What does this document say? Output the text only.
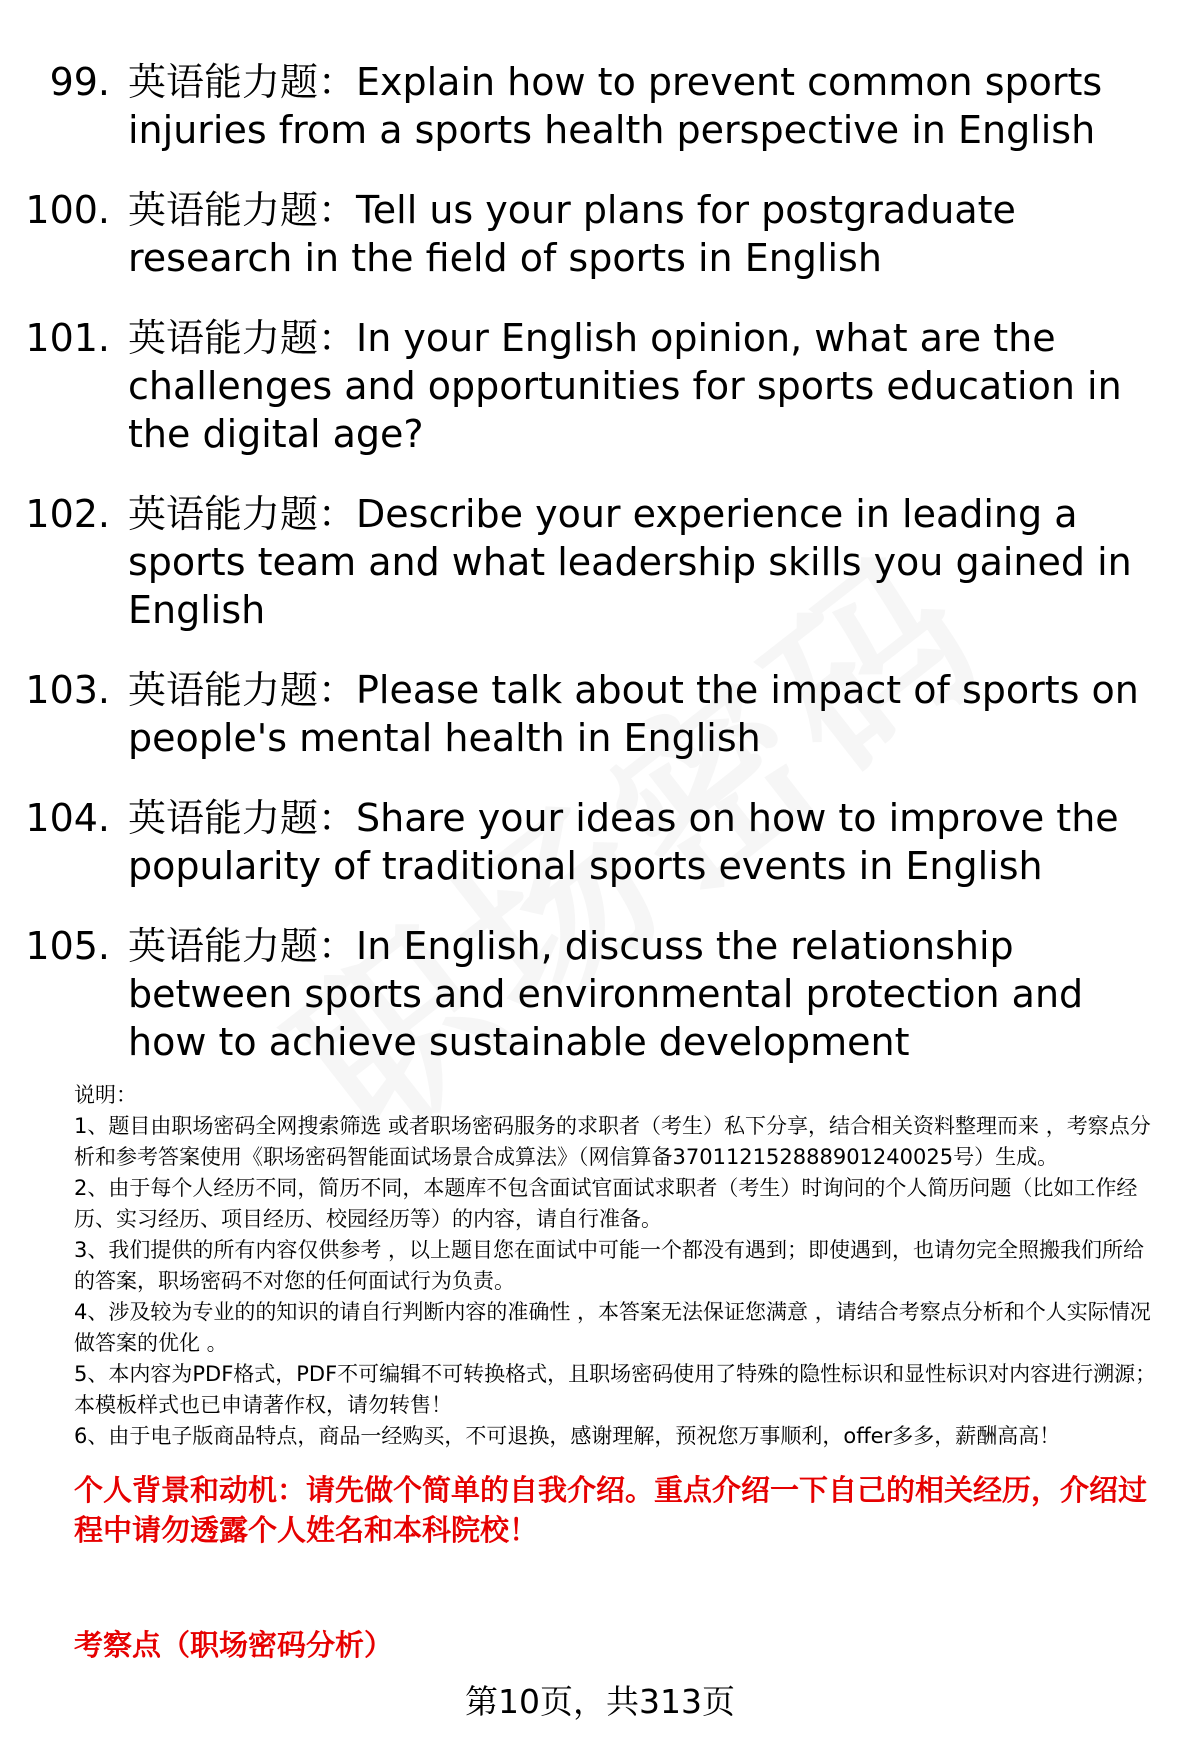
99. 英语能力题：Explain how to prevent common sports injuries from a sports health perspective in English
100. 英语能力题：Tell us your plans for postgraduate research in the field of sports in English
101. 英语能力题：In your English opinion, what are the challenges and opportunities for sports education in the digital age?
102. 英语能力题：Describe your experience in leading a sports team and what leadership skills you gained in English
103. 英语能力题：Please talk about the impact of sports on people's mental health in English
104. 英语能力题：Share your ideas on how to improve the popularity of traditional sports events in English
105. 英语能力题：In English, discuss the relationship between sports and environmental protection and how to achieve sustainable development

说明：

1、题目由职场密码全网搜索筛选 或者职场密码服务的求职者（考生）私下分享，结合相关资料整理而来 ，考察点分析和参考答案使用《职场密码智能面试场景合成算法》（网信算备370112152888901240025号）生成。

2、由于每个人经历不同，简历不同，本题库不包含面试官面试求职者（考生）时询问的个人简历问题（比如工作经历、实习经历、项目经历、校园经历等）的内容，请自行准备。

3、我们提供的所有内容仅供参考 ，以上题目您在面试中可能一个都没有遇到；即使遇到，也请勿完全照搬我们所给的答案，职场密码不对您的任何面试行为负责。

4、涉及较为专业的的知识的请自行判断内容的准确性 ，本答案无法保证您满意 ，请结合考察点分析和个人实际情况做答案的优化 。

5、本内容为PDF格式，PDF不可编辑不可转换格式，且职场密码使用了特殊的隐性标识和显性标识对内容进行溯源；本模板样式也已申请著作权，请勿转售！

6、由于电子版商品特点，商品一经购买，不可退换，感谢理解，预祝您万事顺利，offer多多，薪酬高高！

个人背景和动机：请先做个简单的自我介绍。重点介绍一下自己的相关经历，介绍过程中请勿透露个人姓名和本科院校！
考察点（职场密码分析）
第10页，共313页
